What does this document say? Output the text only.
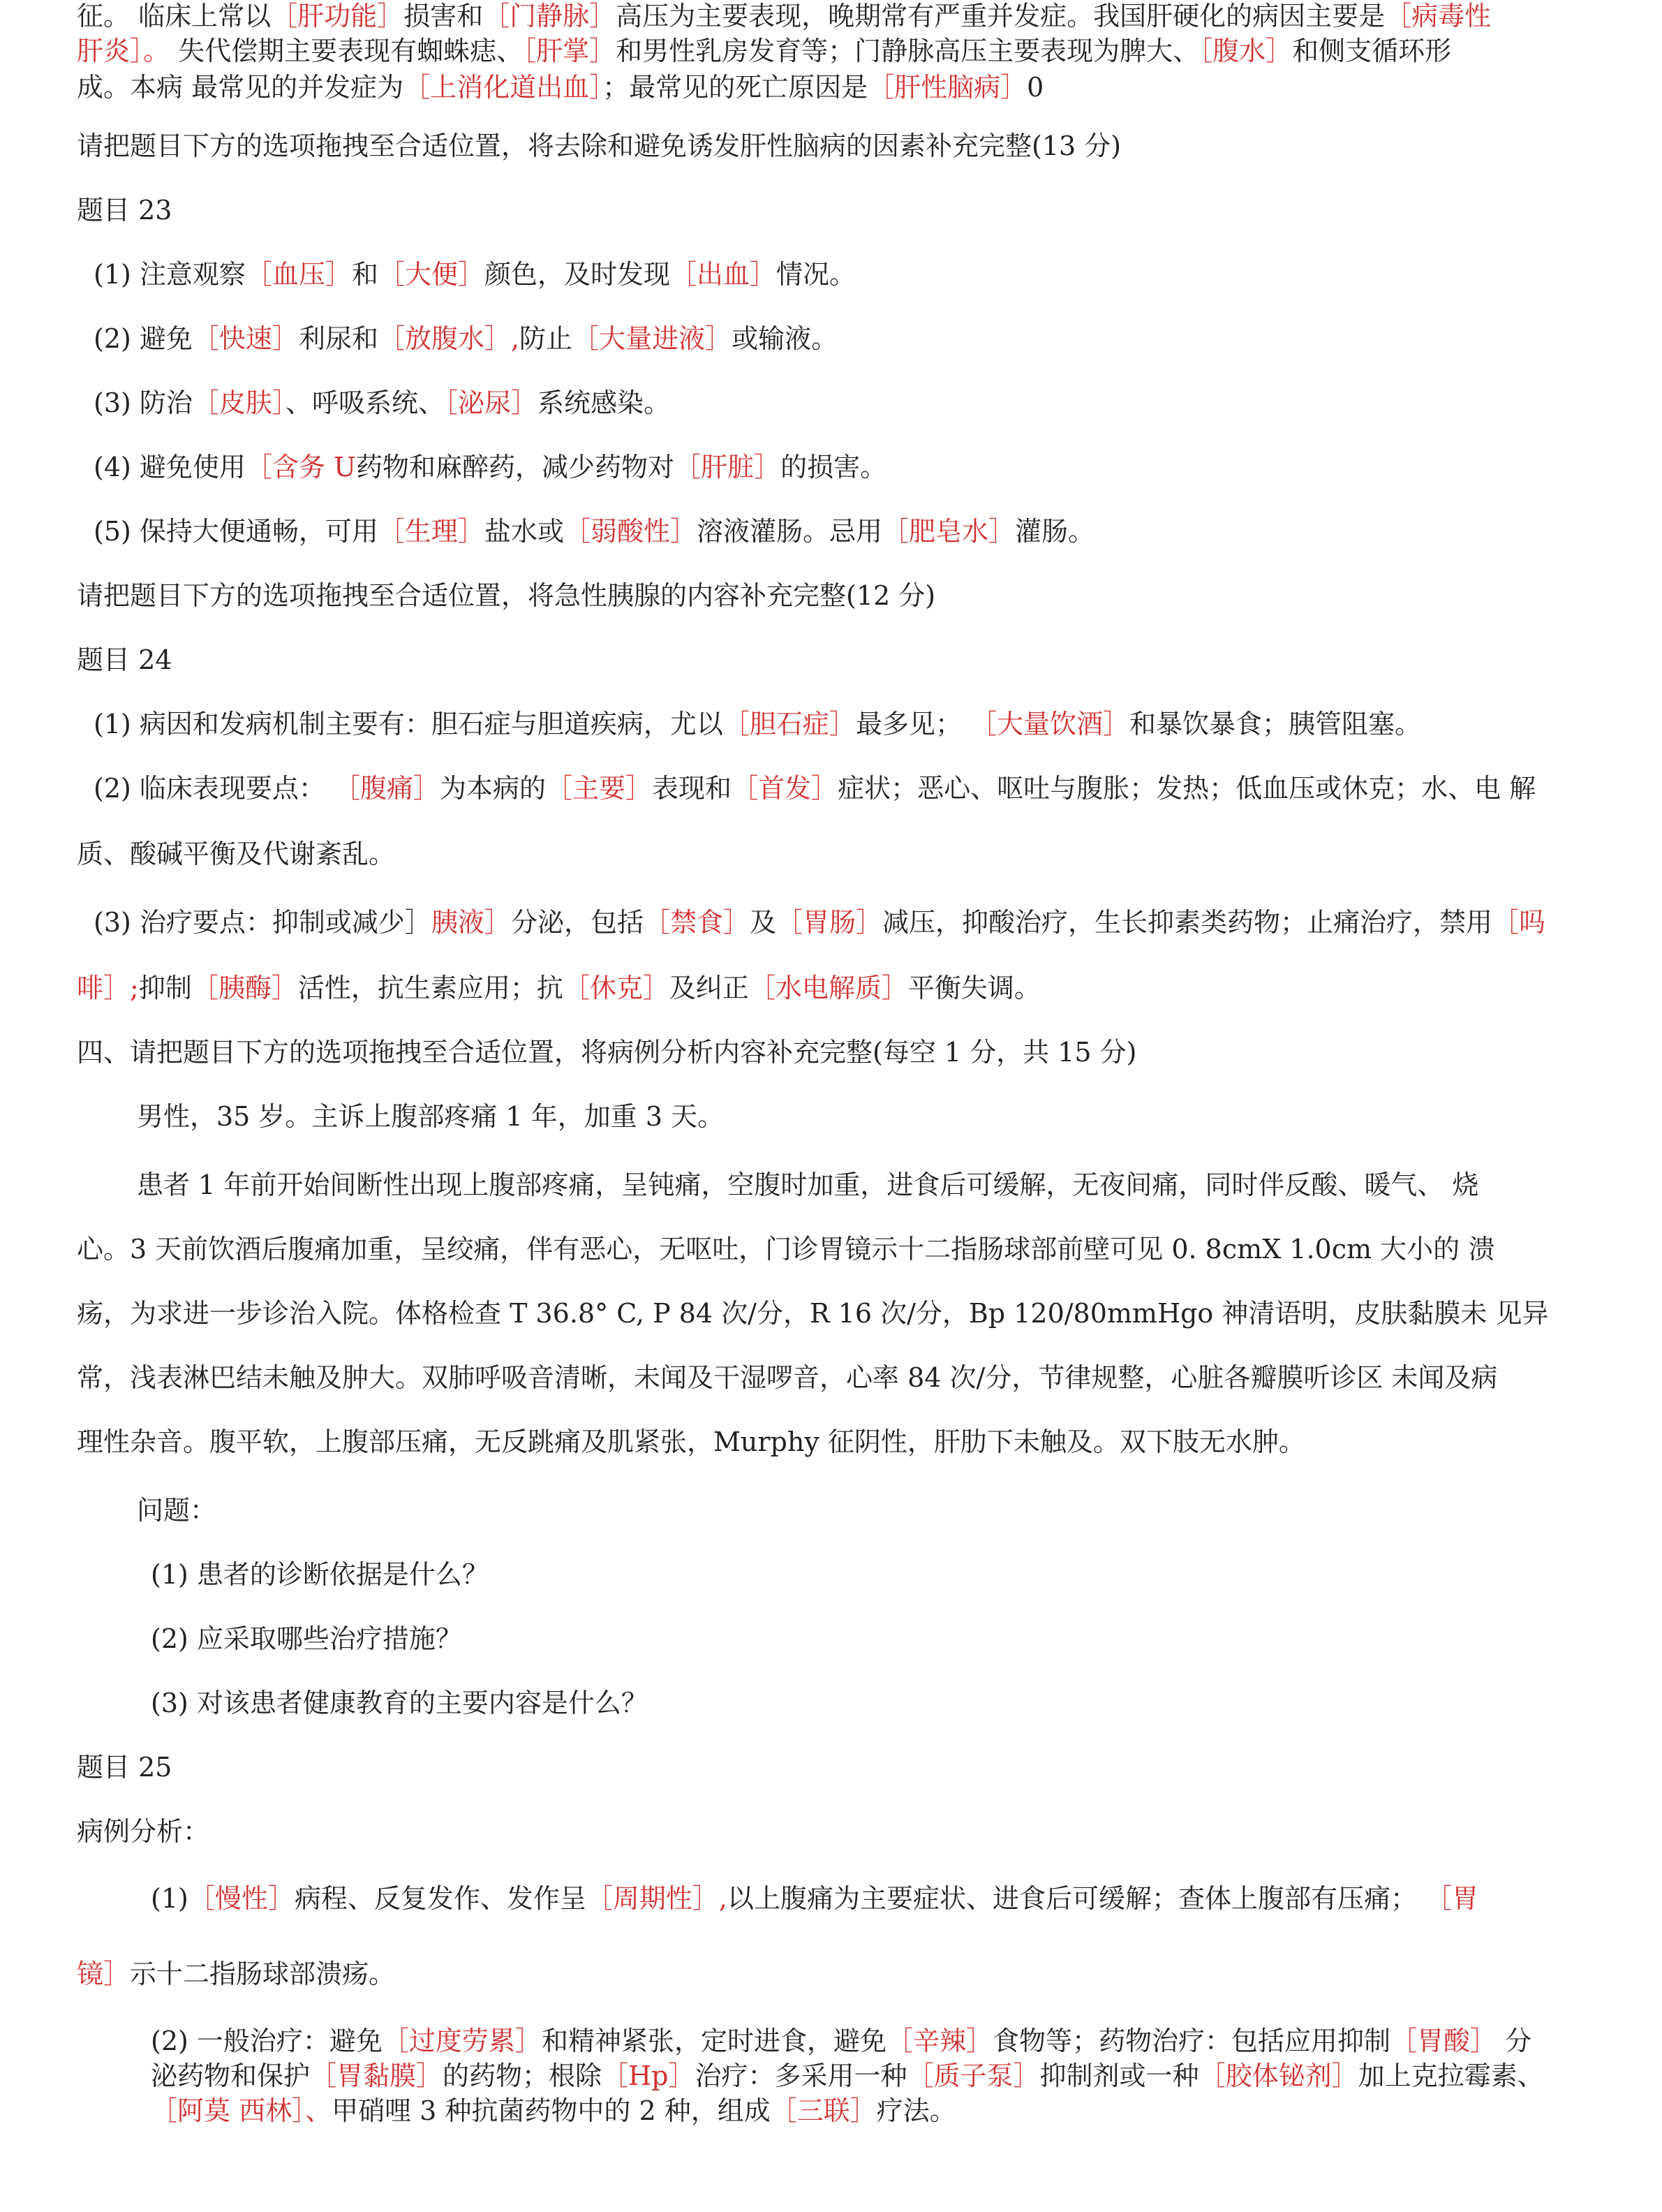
征。 临床上常以［肝功能］损害和［门静脉］高压为主要表现，晚期常有严重并发症。我国肝硬化的病因主要是［病毒性
肝炎］。 失代偿期主要表现有蜘蛛痣、［肝掌］和男性乳房发育等；门静脉高压主要表现为脾大、［腹水］和侧支循环形
成。本病 最常见的并发症为［上消化道出血］；最常见的死亡原因是［肝性脑病］0
请把题目下方的选项拖拽至合适位置，将去除和避免诱发肝性脑病的因素补充完整(13 分)
题目 23
(1) 注意观察［血压］和［大便］颜色，及时发现［出血］情况。
(2) 避免［快速］利尿和［放腹水］,防止［大量进液］或输液。
(3) 防治［皮肤］、呼吸系统、［泌尿］系统感染。
(4) 避免使用［含务 U药物和麻醉药，减少药物对［肝脏］的损害。
(5) 保持大便通畅，可用［生理］盐水或［弱酸性］溶液灌肠。忌用［肥皂水］灌肠。
请把题目下方的选项拖拽至合适位置，将急性胰腺的内容补充完整(12 分)
题目 24
(1) 病因和发病机制主要有：胆石症与胆道疾病，尤以［胆石症］最多见； ［大量饮酒］和暴饮暴食；胰管阻塞。
(2) 临床表现要点： ［腹痛］为本病的［主要］表现和［首发］症状；恶心、呕吐与腹胀；发热；低血压或休克；水、电 解
质、酸碱平衡及代谢紊乱。
(3) 治疗要点：抑制或减少］胰液］分泌，包括［禁食］及［胃肠］减压，抑酸治疗，生长抑素类药物；止痛治疗，禁用［吗
啡］;抑制［胰酶］活性，抗生素应用；抗［休克］及纠正［水电解质］平衡失调。
四、请把题目下方的选项拖拽至合适位置，将病例分析内容补充完整(每空 1 分，共 15 分)
男性，35 岁。主诉上腹部疼痛 1 年，加重 3 天。
患者 1 年前开始间断性出现上腹部疼痛，呈钝痛，空腹时加重，进食后可缓解，无夜间痛，同时伴反酸、暖气、 烧
心。3 天前饮酒后腹痛加重，呈绞痛，伴有恶心，无呕吐，门诊胃镜示十二指肠球部前壁可见 0. 8cmX 1.0cm 大小的 溃
疡，为求进一步诊治入院。体格检查 T 36.8° C, P 84 次/分，R 16 次/分，Bp 120/80mmHgo 神清语明，皮肤黏膜未 见异
常，浅表淋巴结未触及肿大。双肺呼吸音清晰，未闻及干湿啰音，心率 84 次/分，节律规整，心脏各瓣膜听诊区 未闻及病
理性杂音。腹平软，上腹部压痛，无反跳痛及肌紧张，Murphy 征阴性，肝肋下未触及。双下肢无水肿。
问题：
(1) 患者的诊断依据是什么？
(2) 应采取哪些治疗措施？
(3) 对该患者健康教育的主要内容是什么？
题目 25
病例分析：
(1)［慢性］病程、反复发作、发作呈［周期性］,以上腹痛为主要症状、进食后可缓解；查体上腹部有压痛； ［胃
镜］示十二指肠球部溃疡。
(2) 一般治疗：避免［过度劳累］和精神紧张，定时进食，避免［辛辣］食物等；药物治疗：包括应用抑制［胃酸］ 分
泌药物和保护［胃黏膜］的药物；根除［Hp］治疗：多采用一种［质子泵］抑制剂或一种［胶体铋剂］加上克拉霉素、
［阿莫 西林］、甲硝哩 3 种抗菌药物中的 2 种，组成［三联］疗法。
